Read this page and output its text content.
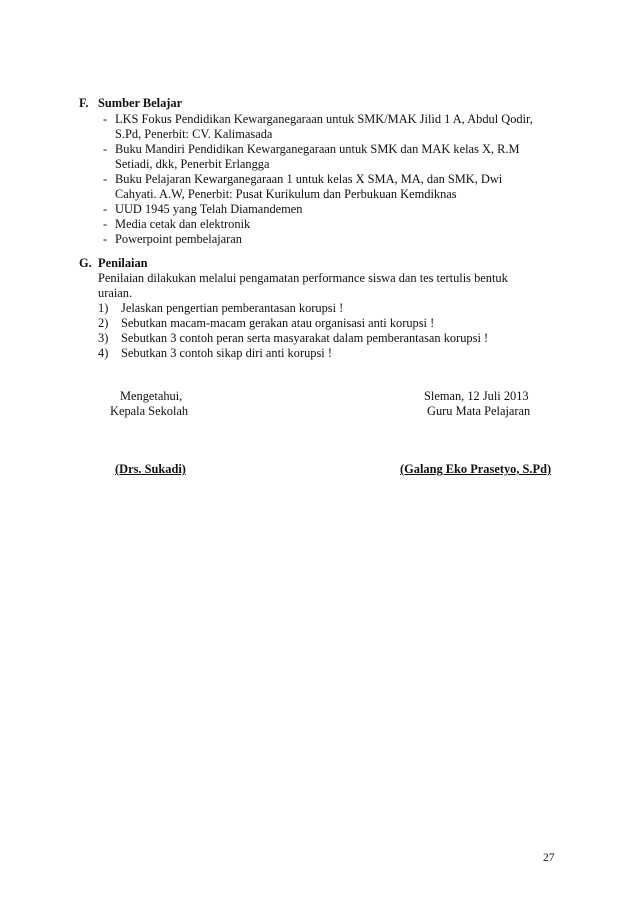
F. Sumber Belajar
- LKS Fokus Pendidikan Kewarganegaraan untuk SMK/MAK Jilid 1 A, Abdul Qodir,
S.Pd, Penerbit: CV. Kalimasada
- Buku Mandiri Pendidikan Kewarganegaraan untuk SMK dan MAK kelas X, R.M
Setiadi, dkk, Penerbit Erlangga
- Buku Pelajaran Kewarganegaraan 1 untuk kelas X SMA, MA, dan SMK, Dwi
Cahyati. A.W, Penerbit: Pusat Kurikulum dan Perbukuan Kemdiknas
- UUD 1945 yang Telah Diamandemen
- Media cetak dan elektronik
- Powerpoint pembelajaran
G. Penilaian
Penilaian dilakukan melalui pengamatan performance siswa dan tes tertulis bentuk
uraian.
1) Jelaskan pengertian pemberantasan korupsi !
2) Sebutkan macam-macam gerakan atau organisasi anti korupsi !
3) Sebutkan 3 contoh peran serta masyarakat dalam pemberantasan korupsi !
4) Sebutkan 3 contoh sikap diri anti korupsi !
Mengetahui,
Kepala Sekolah
(Drs. Sukadi)
Sleman, 12 Juli 2013
Guru Mata Pelajaran
(Galang Eko Prasetyo, S.Pd)
27
